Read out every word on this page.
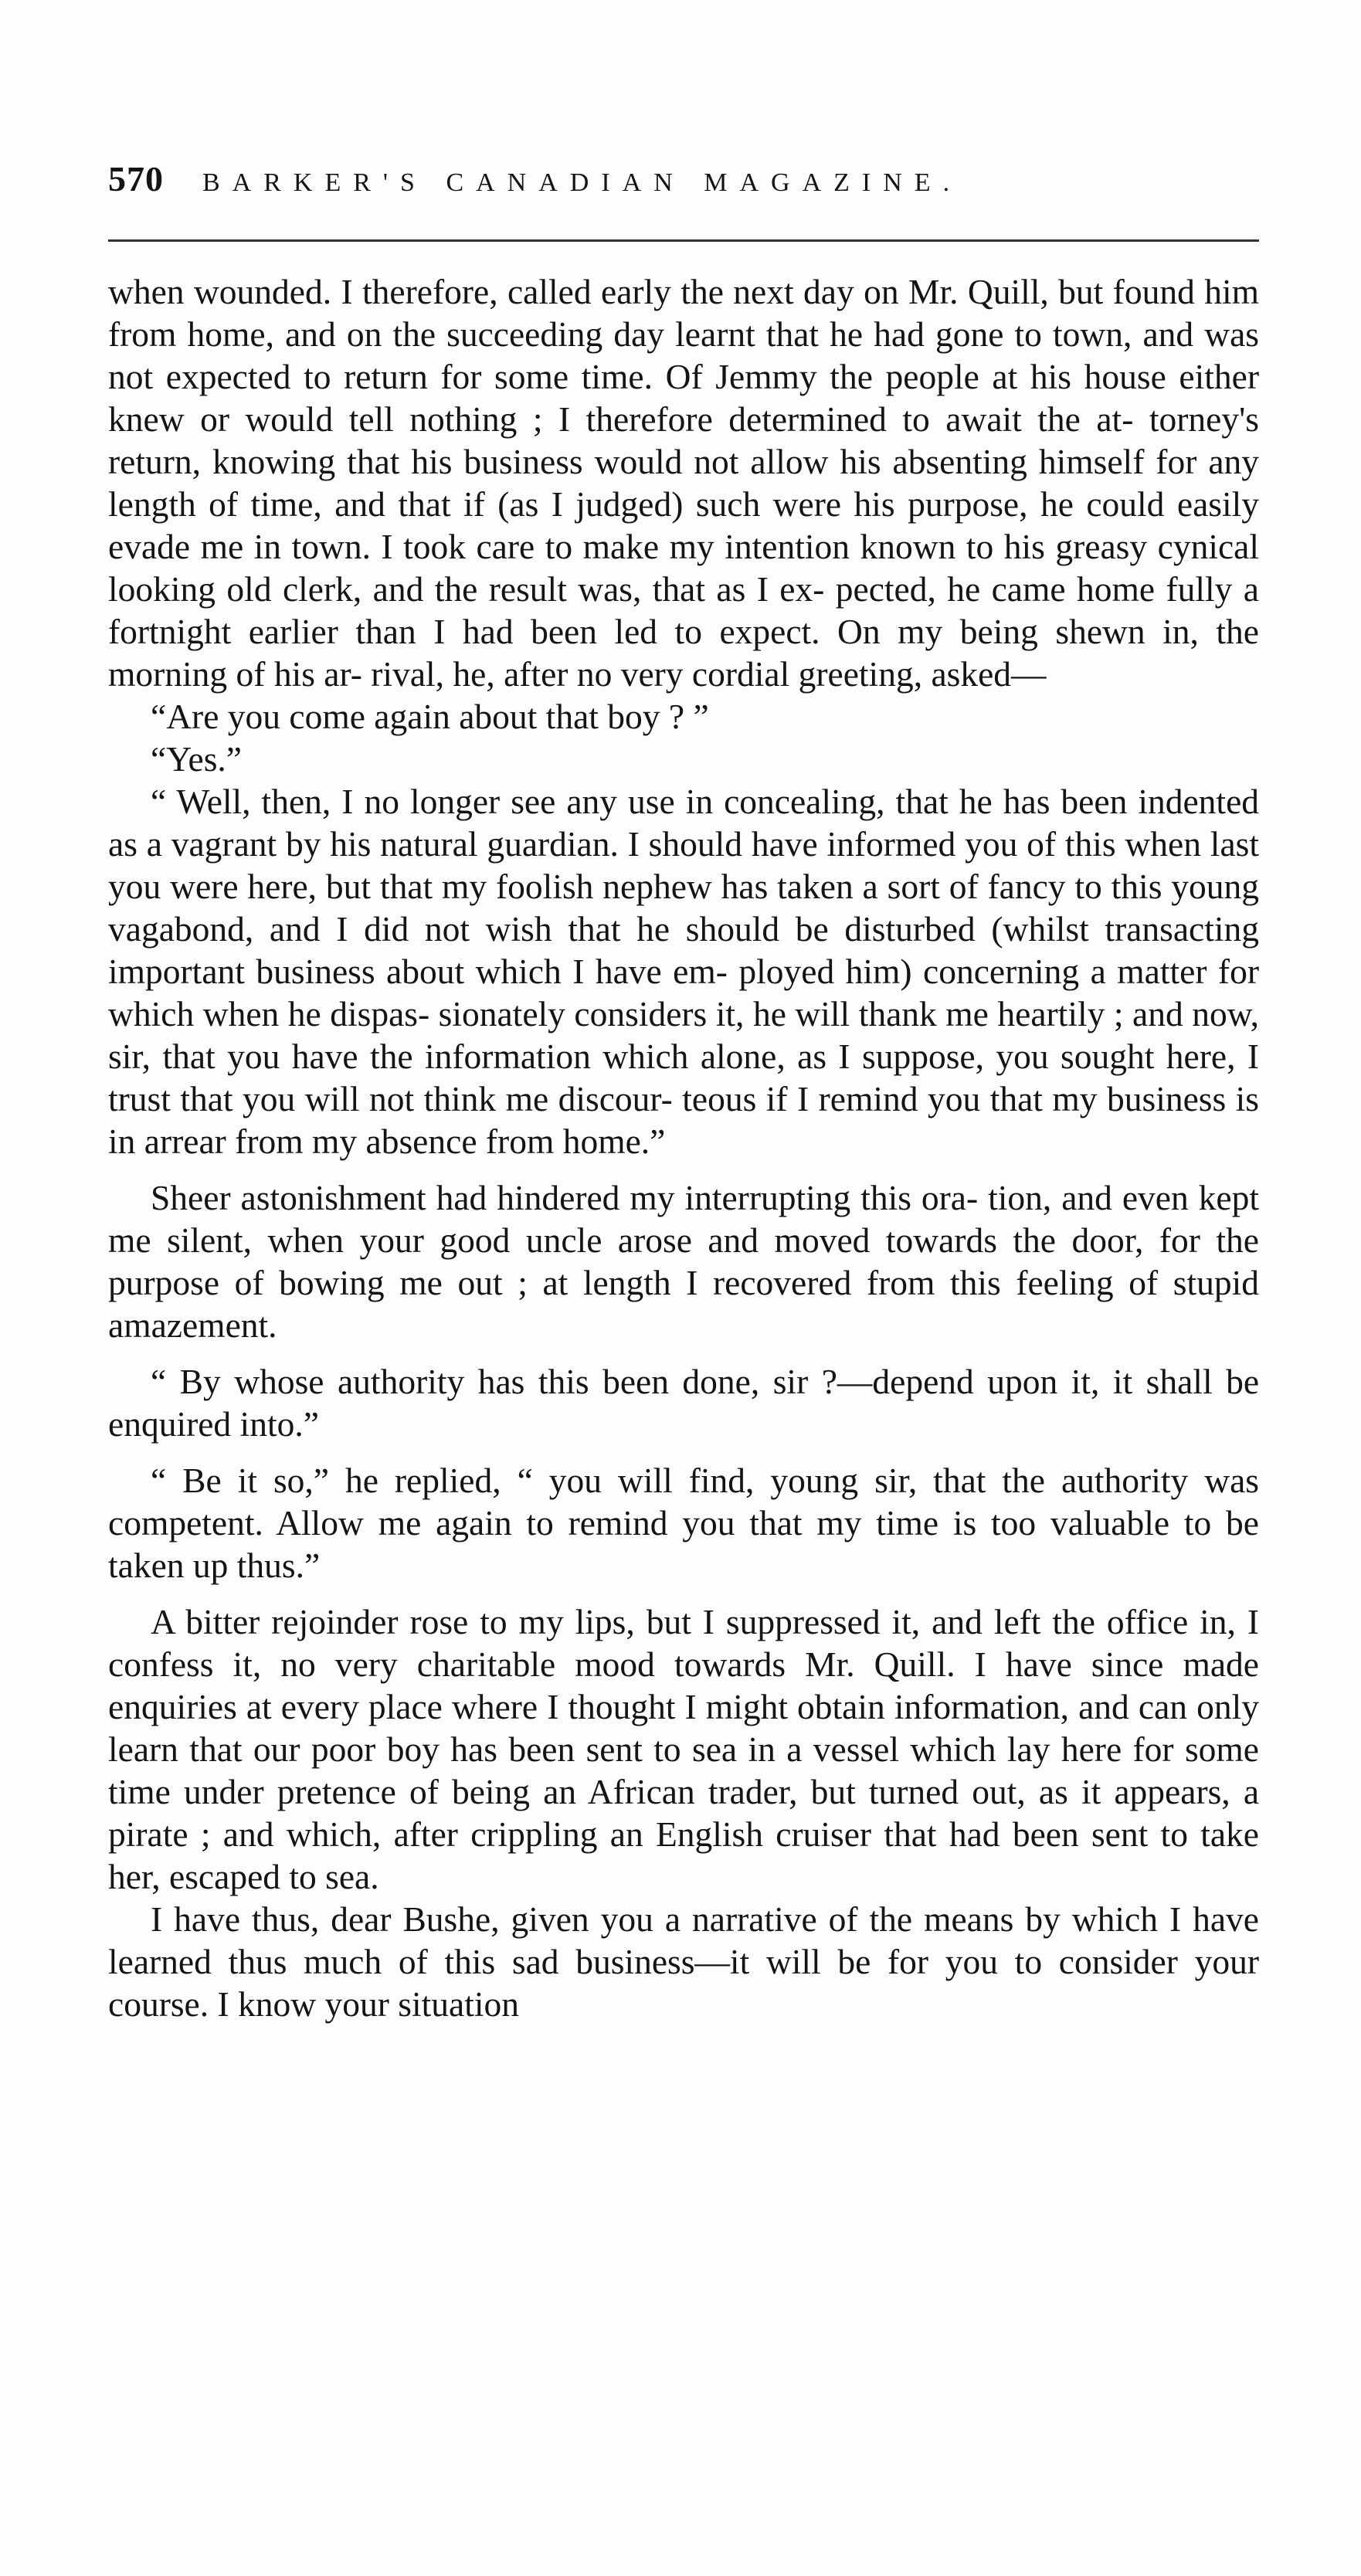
570 BARKER'S CANADIAN MAGAZINE.

when wounded. I therefore, called early the next day on Mr. Quill, but found him from home, and on the succeeding day learnt that he had gone to town, and was not expected to return for some time. Of Jemmy the people at his house either knew or would tell nothing ; I therefore determined to await the at- torney's return, knowing that his business would not allow his absenting himself for any length of time, and that if (as I judged) such were his purpose, he could easily evade me in town. I took care to make my intention known to his greasy cynical looking old clerk, and the result was, that as I ex- pected, he came home fully a fortnight earlier than I had been led to expect. On my being shewn in, the morning of his ar- rival, he, after no very cordial greeting, asked—

“Are you come again about that boy ? ”

“Yes.”

“ Well, then, I no longer see any use in concealing, that he has been indented as a vagrant by his natural guardian. I should have informed you of this when last you were here, but that my foolish nephew has taken a sort of fancy to this young vagabond, and I did not wish that he should be disturbed (whilst transacting important business about which I have em- ployed him) concerning a matter for which when he dispas- sionately considers it, he will thank me heartily ; and now, sir, that you have the information which alone, as I suppose, you sought here, I trust that you will not think me discour- teous if I remind you that my business is in arrear from my absence from home.”

Sheer astonishment had hindered my interrupting this ora- tion, and even kept me silent, when your good uncle arose and moved towards the door, for the purpose of bowing me out ; at length I recovered from this feeling of stupid amazement.

“ By whose authority has this been done, sir ?—depend upon it, it shall be enquired into.”

“ Be it so,” he replied, “ you will find, young sir, that the authority was competent. Allow me again to remind you that my time is too valuable to be taken up thus.”

A bitter rejoinder rose to my lips, but I suppressed it, and left the office in, I confess it, no very charitable mood towards Mr. Quill. I have since made enquiries at every place where I thought I might obtain information, and can only learn that our poor boy has been sent to sea in a vessel which lay here for some time under pretence of being an African trader, but turned out, as it appears, a pirate ; and which, after crippling an English cruiser that had been sent to take her, escaped to sea.

I have thus, dear Bushe, given you a narrative of the means by which I have learned thus much of this sad business—it will be for you to consider your course. I know your situation
